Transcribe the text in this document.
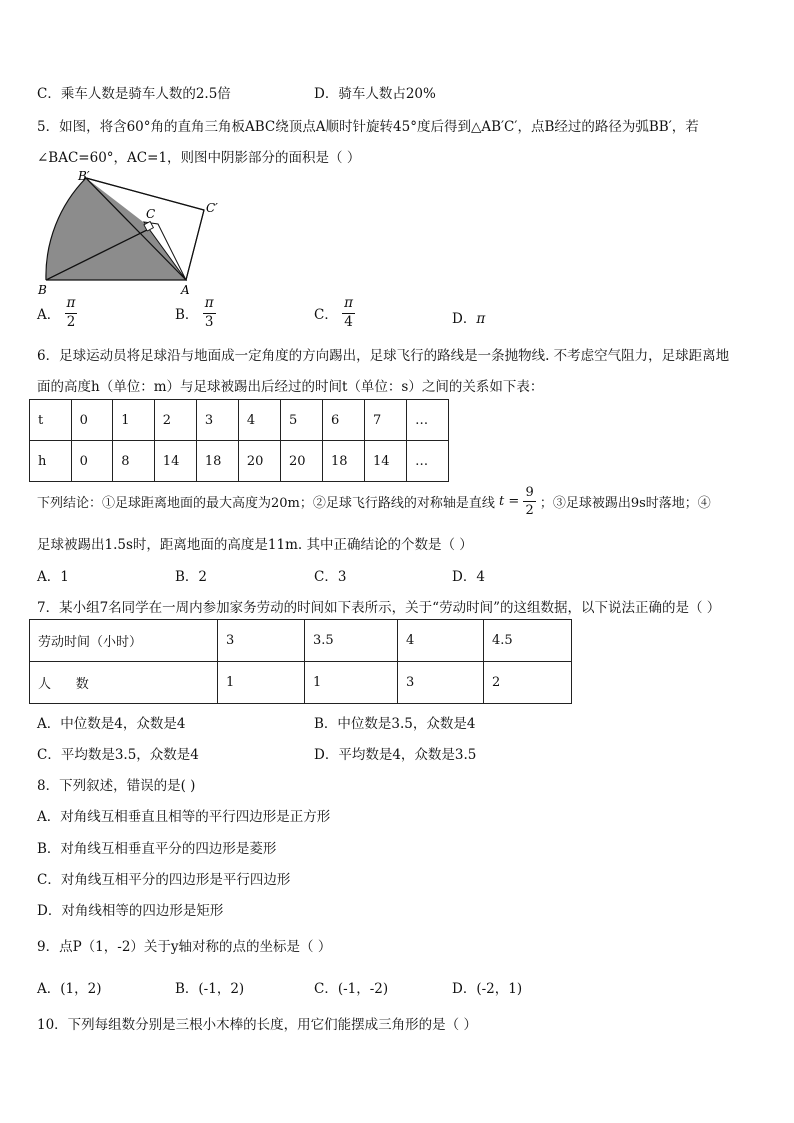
C．乘车人数是骑车人数的2.5倍	D．骑车人数占20%
5．如图，将含60°角的直角三角板ABC绕顶点A顺时针旋转45°度后得到△AB′C′，点B经过的路径为弧BB′，若
∠BAC=60°，AC=1，则图中阴影部分的面积是（ ）
B′
C	C′
B	A
A． $\frac{\pi}{2}$	B． $\frac{\pi}{3}$	C． $\frac{\pi}{4}$	D．π
6．足球运动员将足球沿与地面成一定角度的方向踢出，足球飞行的路线是一条抛物线. 不考虑空气阻力，足球距离地
面的高度h（单位：m）与足球被踢出后经过的时间t（单位：s）之间的关系如下表：
t	0	1	2	3	4	5	6	7	…
h	0	8	14	18	20	20	18	14	…
下列结论：①足球距离地面的最大高度为20m；②足球飞行路线的对称轴是直线 $t = \frac{9}{2}$ ；③足球被踢出9s时落地；④
足球被踢出1.5s时，距离地面的高度是11m. 其中正确结论的个数是（ ）
A．1	B．2	C．3	D．4
7．某小组7名同学在一周内参加家务劳动的时间如下表所示，关于“劳动时间”的这组数据，以下说法正确的是（ ）
劳动时间（小时）	3	3.5	4	4.5
人      数	1	1	3	2
A．中位数是4，众数是4	B．中位数是3.5，众数是4
C．平均数是3.5，众数是4	D．平均数是4，众数是3.5
8．下列叙述，错误的是( )
A．对角线互相垂直且相等的平行四边形是正方形
B．对角线互相垂直平分的四边形是菱形
C．对角线互相平分的四边形是平行四边形
D．对角线相等的四边形是矩形
9．点P（1，-2）关于y轴对称的点的坐标是（ ）
A．(1，2)	B．(-1，2)	C．(-1，-2)	D．(-2，1)
10．下列每组数分别是三根小木棒的长度，用它们能摆成三角形的是（ ）
